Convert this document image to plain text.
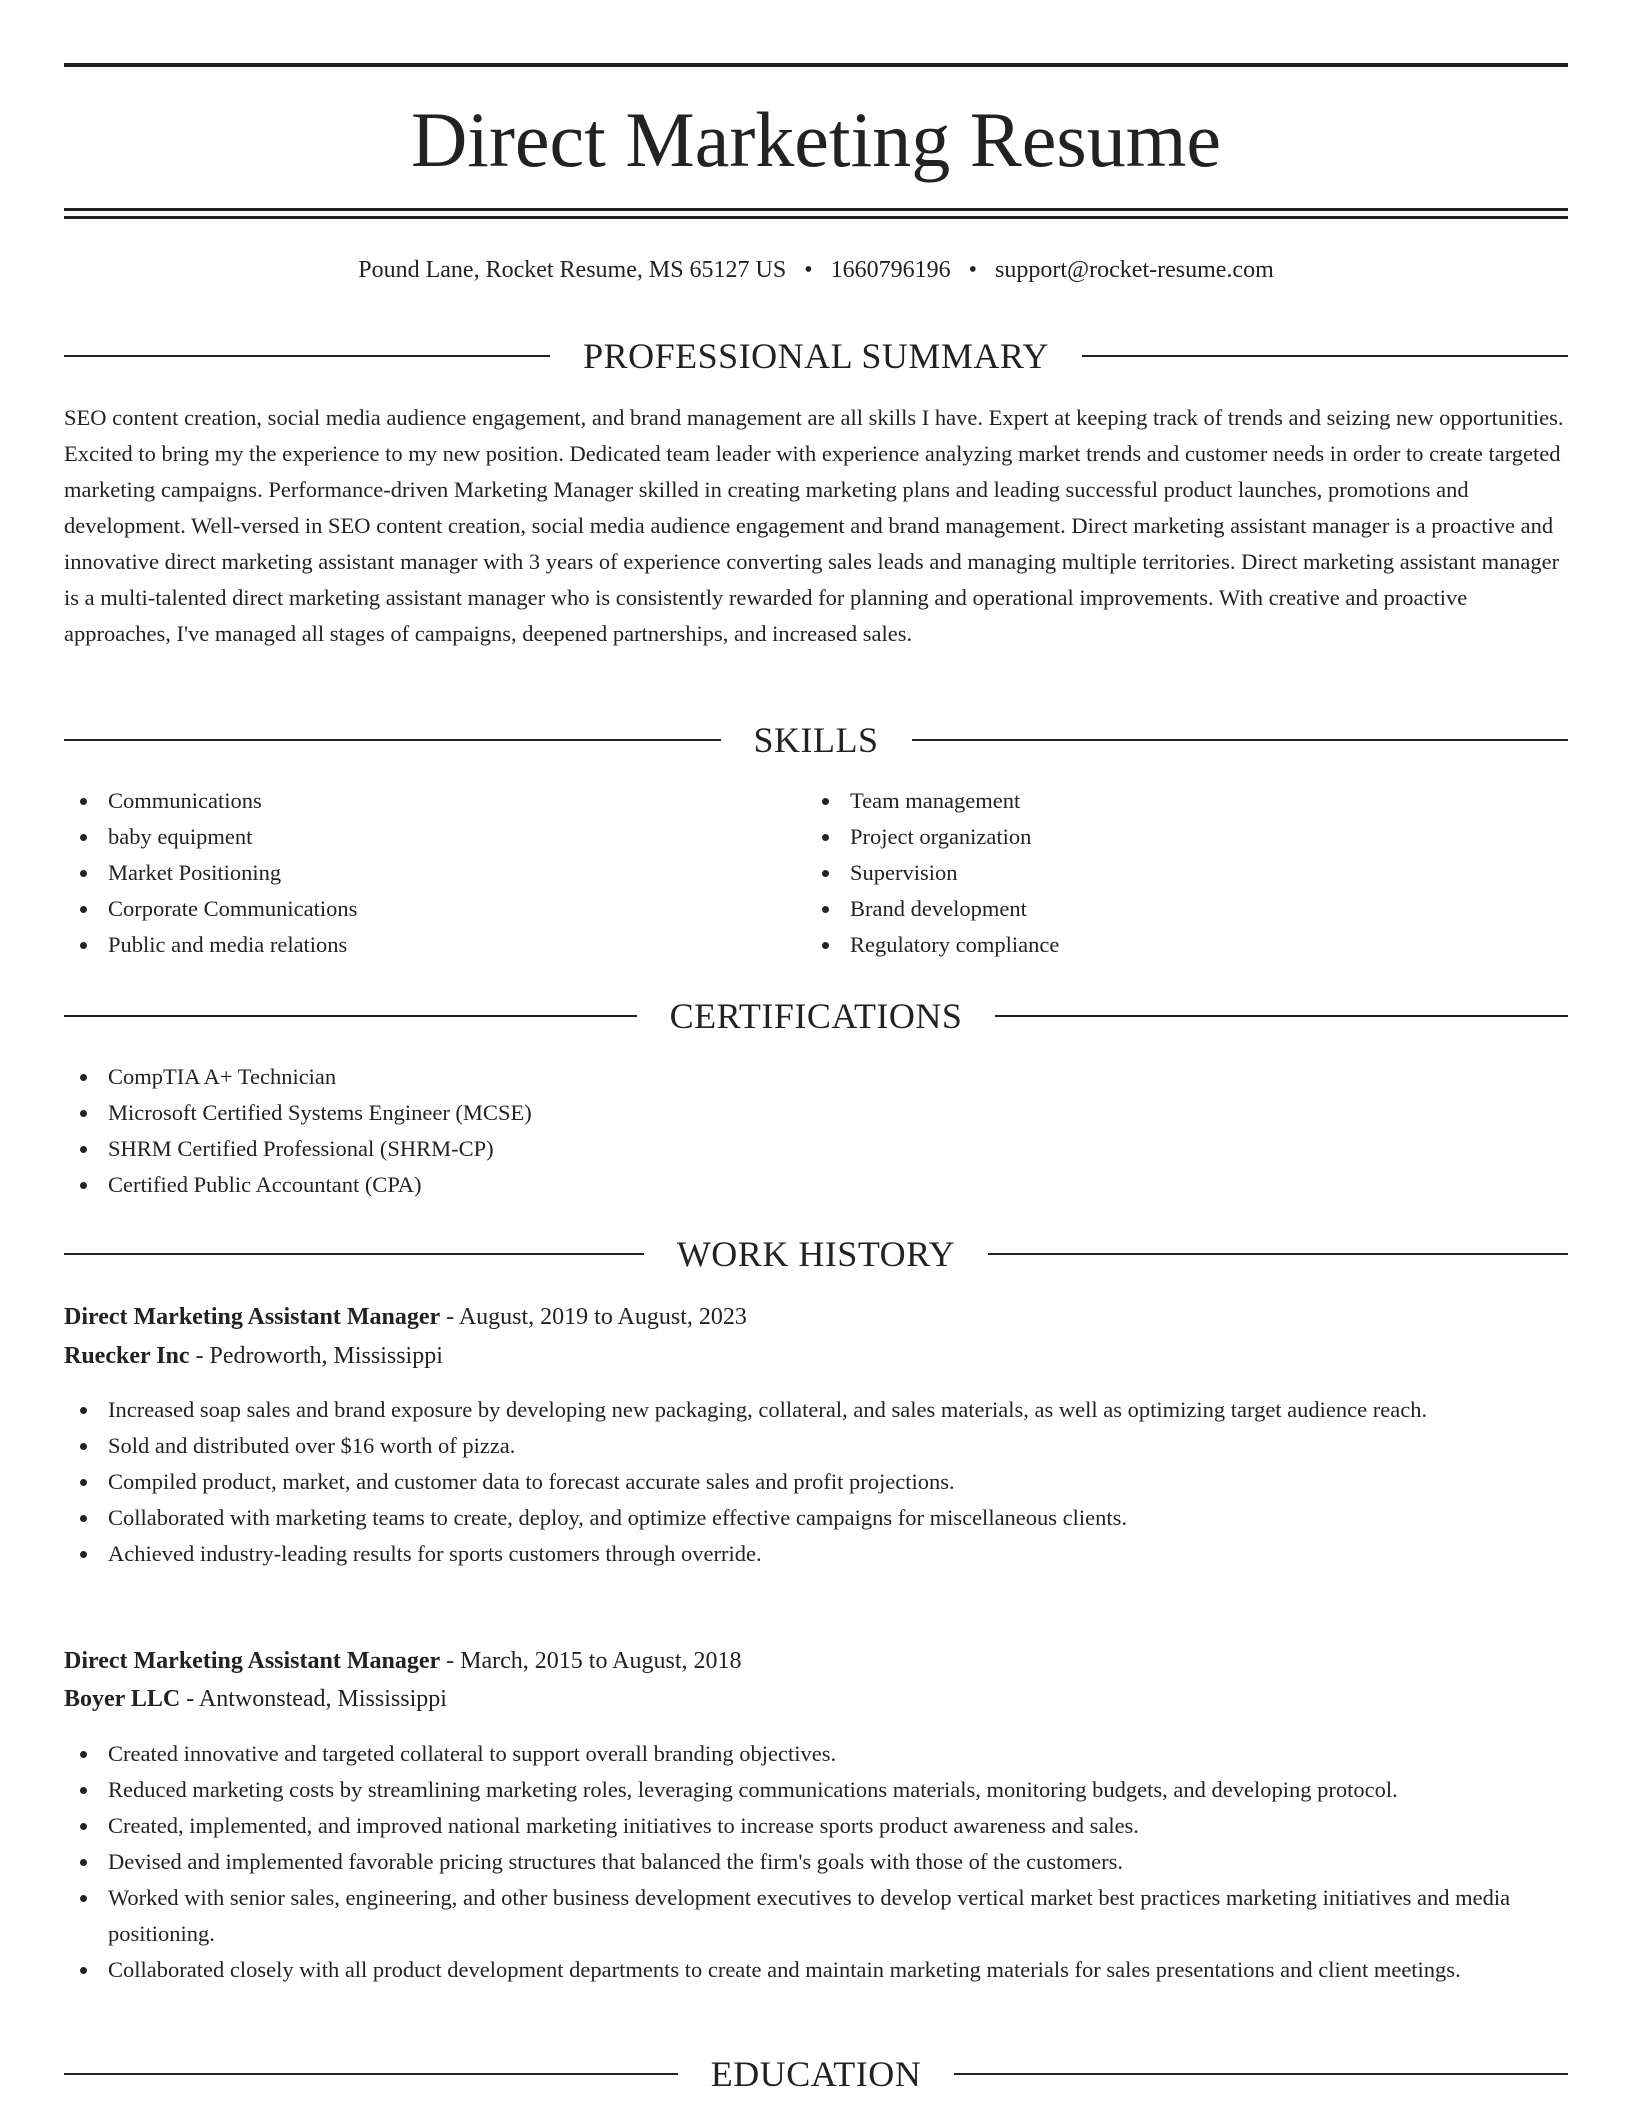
Direct Marketing Resume
Pound Lane, Rocket Resume, MS 65127 US • 1660796196 • support@rocket-resume.com
PROFESSIONAL SUMMARY

SEO content creation, social media audience engagement, and brand management are all skills I have. Expert at keeping track of trends and seizing new opportunities. Excited to bring my the experience to my new position. Dedicated team leader with experience analyzing market trends and customer needs in order to create targeted marketing campaigns. Performance-driven Marketing Manager skilled in creating marketing plans and leading successful product launches, promotions and development. Well-versed in SEO content creation, social media audience engagement and brand management. Direct marketing assistant manager is a proactive and innovative direct marketing assistant manager with 3 years of experience converting sales leads and managing multiple territories. Direct marketing assistant manager is a multi-talented direct marketing assistant manager who is consistently rewarded for planning and operational improvements. With creative and proactive approaches, I've managed all stages of campaigns, deepened partnerships, and increased sales.

SKILLS
Communications
baby equipment
Market Positioning
Corporate Communications
Public and media relations
Team management
Project organization
Supervision
Brand development
Regulatory compliance
CERTIFICATIONS
CompTIA A+ Technician
Microsoft Certified Systems Engineer (MCSE)
SHRM Certified Professional (SHRM-CP)
Certified Public Accountant (CPA)
WORK HISTORY
Direct Marketing Assistant Manager - August, 2019 to August, 2023
Ruecker Inc - Pedroworth, Mississippi
Increased soap sales and brand exposure by developing new packaging, collateral, and sales materials, as well as optimizing target audience reach.
Sold and distributed over $16 worth of pizza.
Compiled product, market, and customer data to forecast accurate sales and profit projections.
Collaborated with marketing teams to create, deploy, and optimize effective campaigns for miscellaneous clients.
Achieved industry-leading results for sports customers through override.
Direct Marketing Assistant Manager - March, 2015 to August, 2018
Boyer LLC - Antwonstead, Mississippi
Created innovative and targeted collateral to support overall branding objectives.
Reduced marketing costs by streamlining marketing roles, leveraging communications materials, monitoring budgets, and developing protocol.
Created, implemented, and improved national marketing initiatives to increase sports product awareness and sales.
Devised and implemented favorable pricing structures that balanced the firm's goals with those of the customers.
Worked with senior sales, engineering, and other business development executives to develop vertical market best practices marketing initiatives and media positioning.
Collaborated closely with all product development departments to create and maintain marketing materials for sales presentations and client meetings.
EDUCATION
